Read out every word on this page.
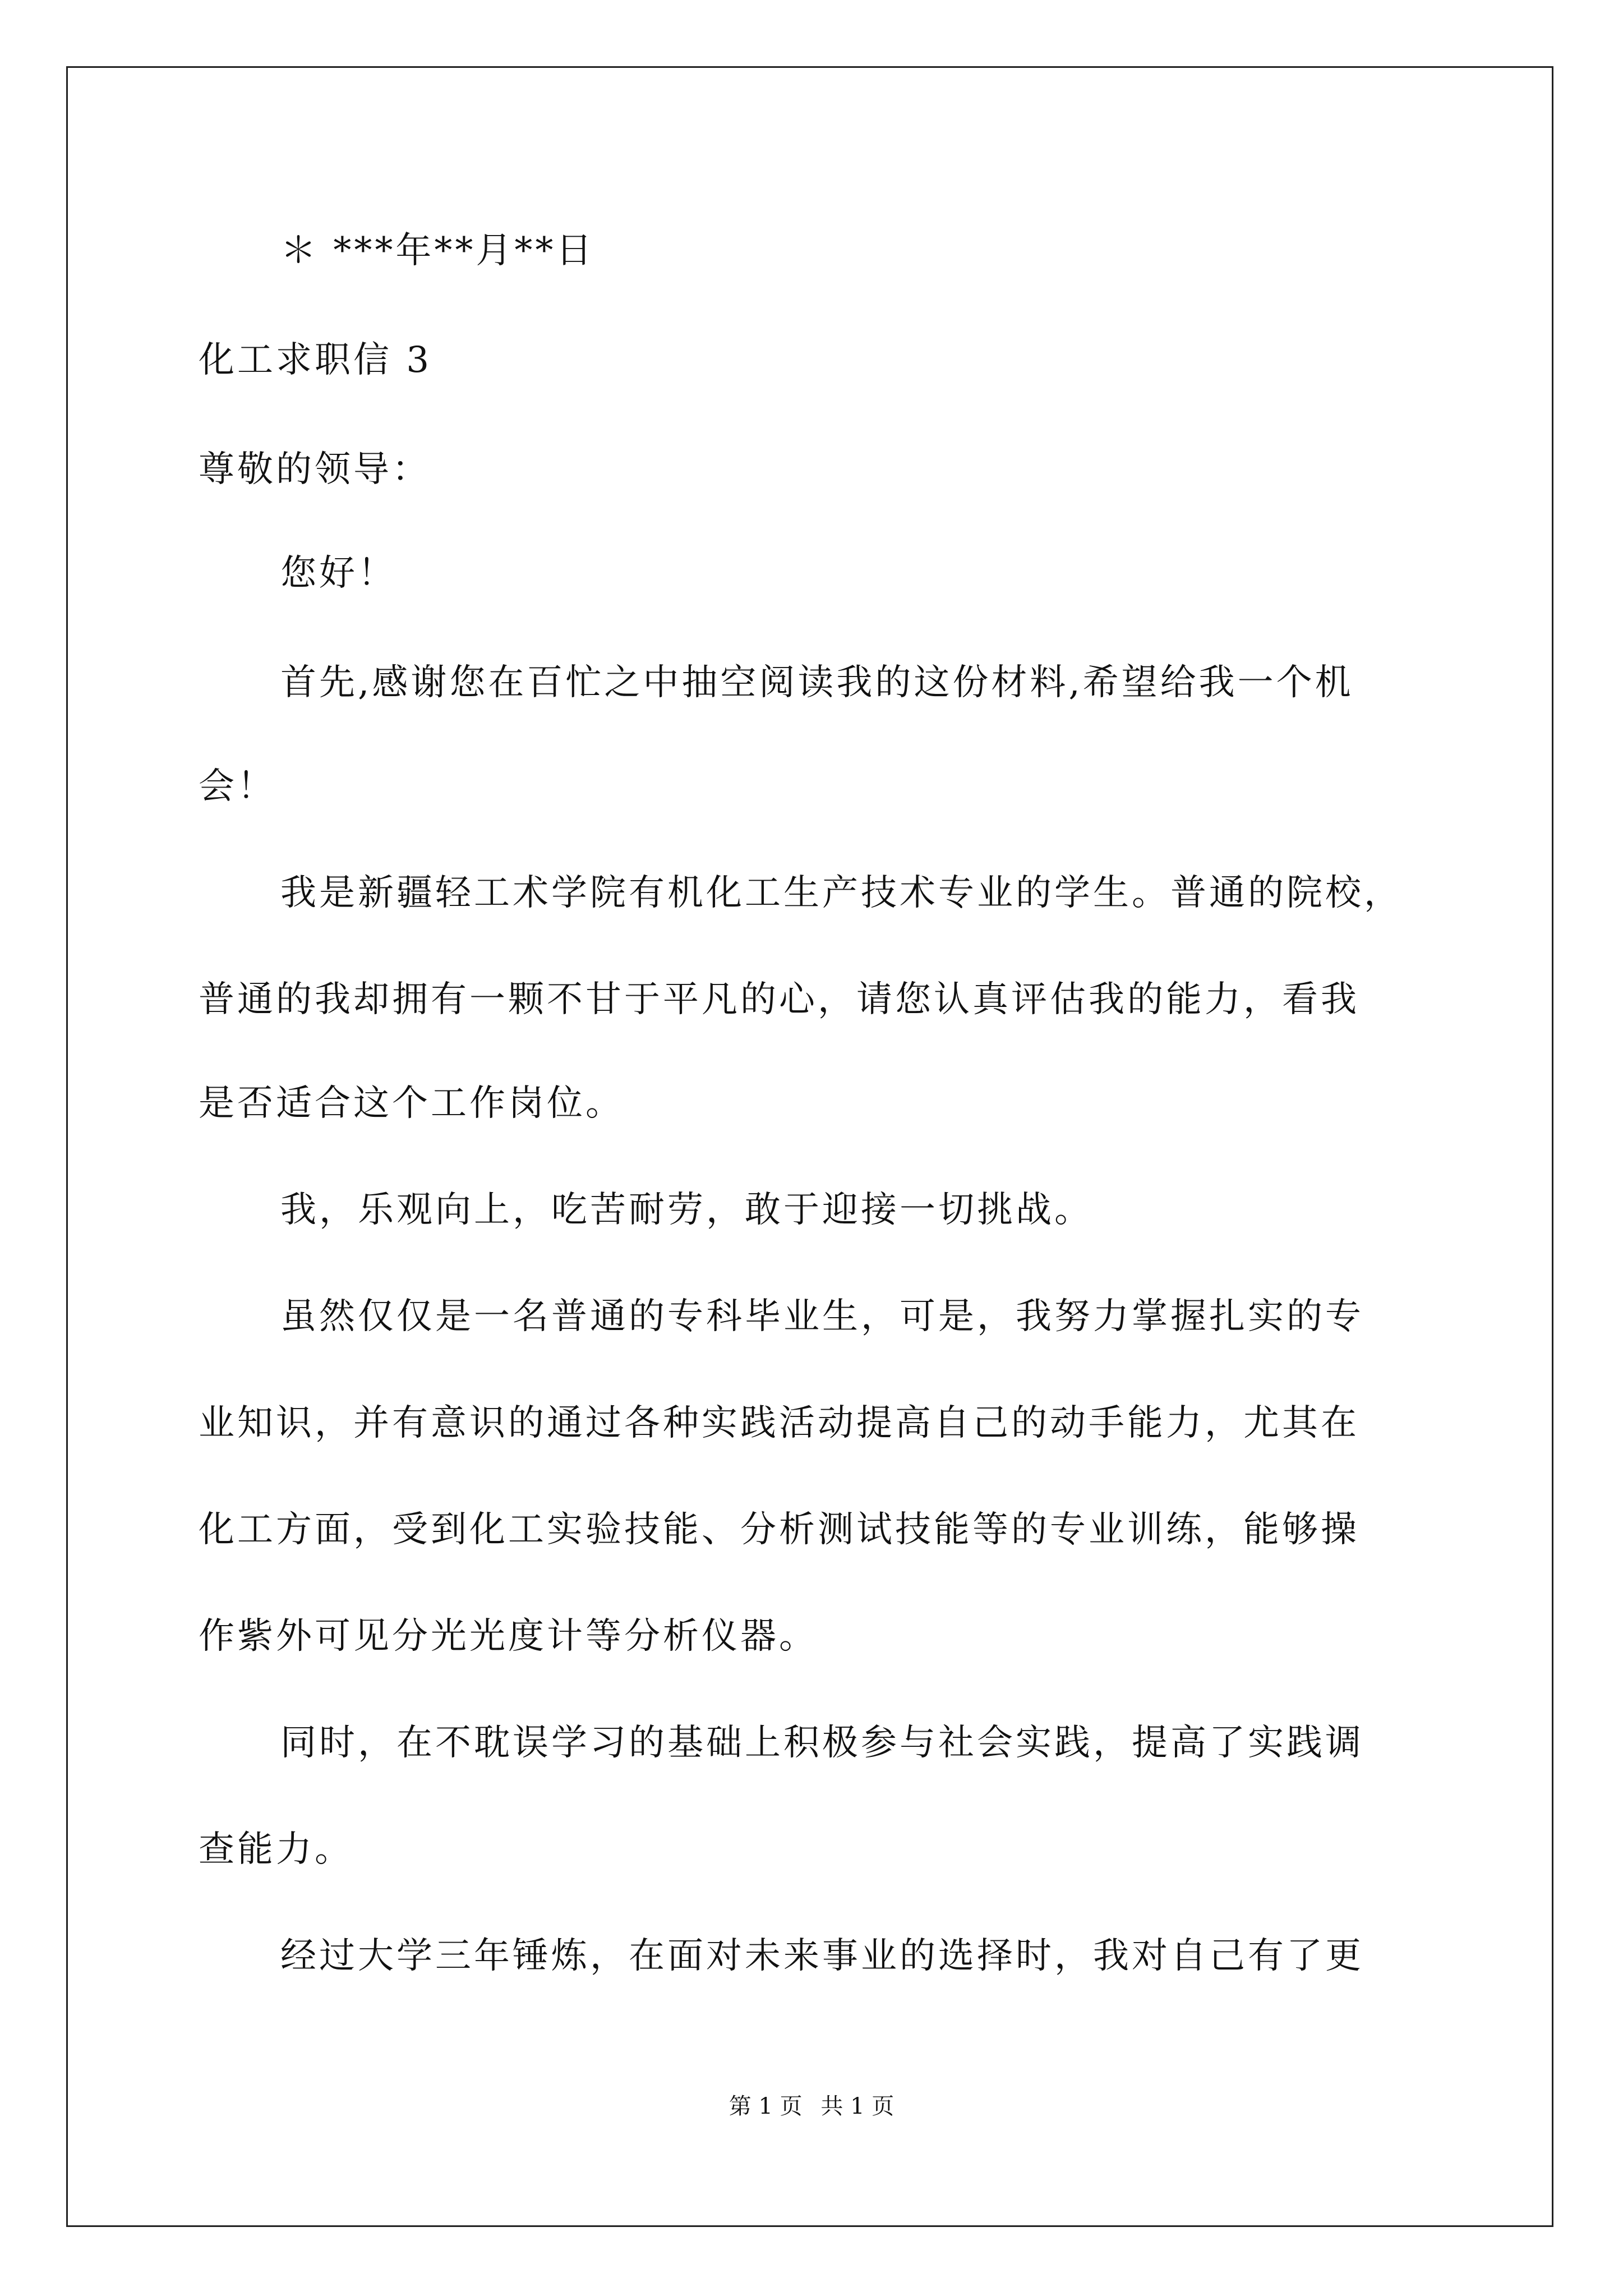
＊ ***年**月**日
化工求职信 3
尊敬的领导：
您好！
首先,感谢您在百忙之中抽空阅读我的这份材料,希望给我一个机
会！
我是新疆轻工术学院有机化工生产技术专业的学生。普通的院校，
普通的我却拥有一颗不甘于平凡的心，请您认真评估我的能力，看我
是否适合这个工作岗位。
我，乐观向上，吃苦耐劳，敢于迎接一切挑战。
虽然仅仅是一名普通的专科毕业生，可是，我努力掌握扎实的专
业知识，并有意识的通过各种实践活动提高自己的动手能力，尤其在
化工方面，受到化工实验技能、分析测试技能等的专业训练，能够操
作紫外可见分光光度计等分析仪器。
同时，在不耽误学习的基础上积极参与社会实践，提高了实践调
查能力。
经过大学三年锤炼，在面对未来事业的选择时，我对自己有了更
第 1 页 共 1 页
